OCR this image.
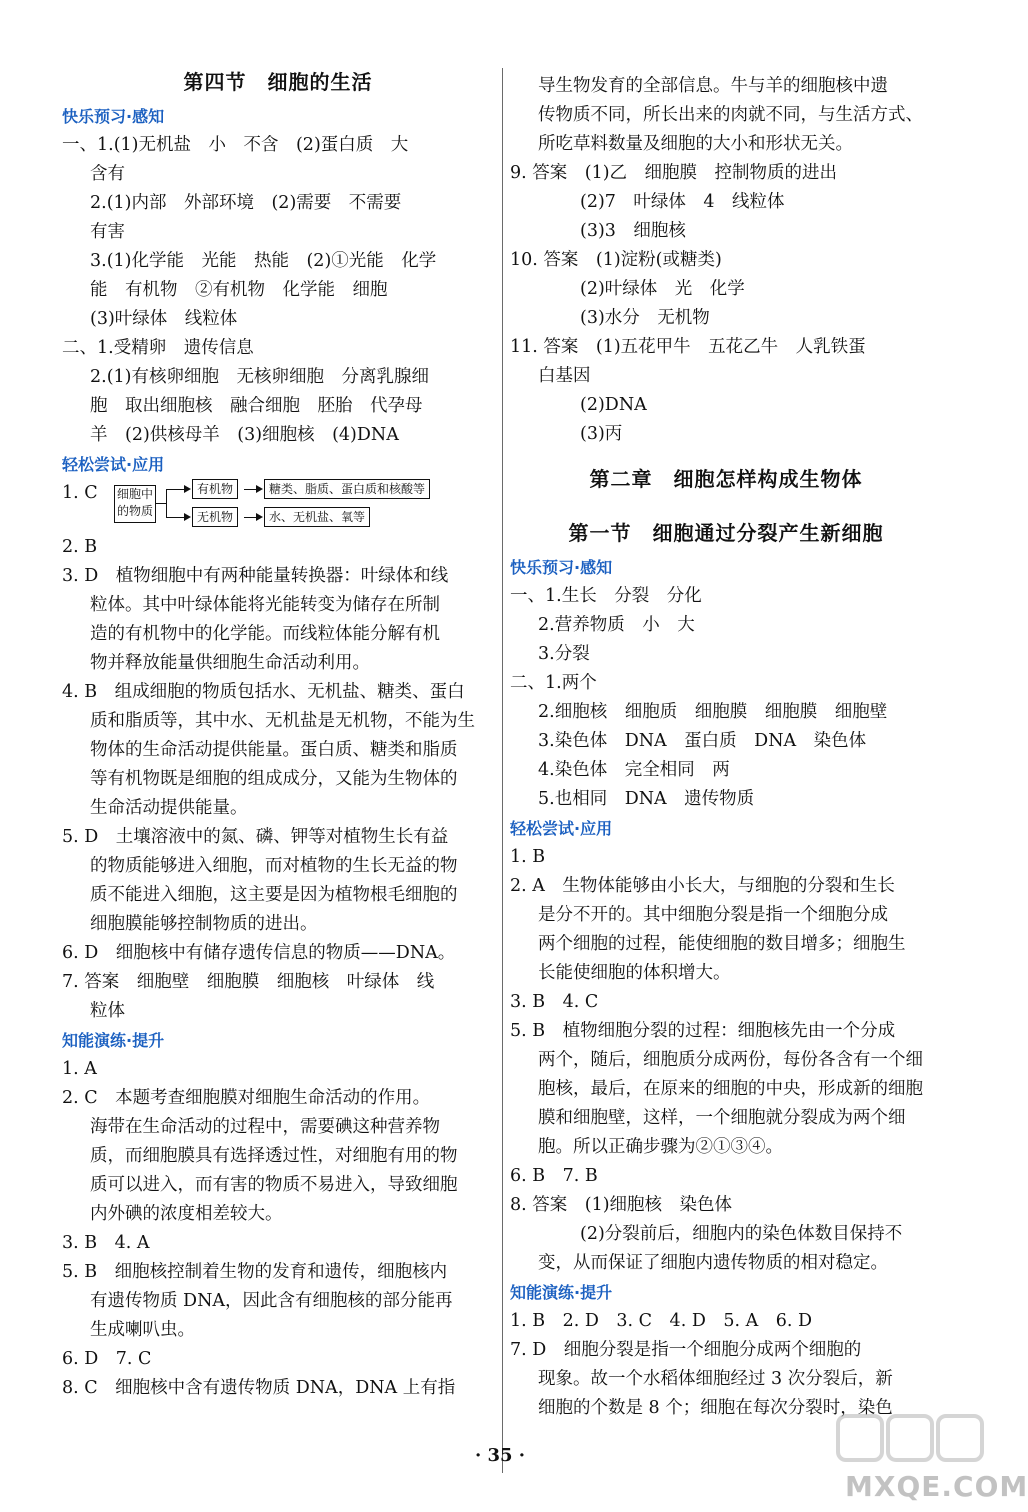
第四节　细胞的生活
快乐预习·感知
一、1.(1)无机盐　小　不含　(2)蛋白质　大
含有
2.(1)内部　外部环境　(2)需要　不需要
有害
3.(1)化学能　光能　热能　(2)①光能　化学
能　有机物　②有机物　化学能　细胞
(3)叶绿体　线粒体
二、1.受精卵　遗传信息
2.(1)有核卵细胞　无核卵细胞　分离乳腺细
胞　取出细胞核　融合细胞　胚胎　代孕母
羊　(2)供核母羊　(3)细胞核　(4)DNA
轻松尝试·应用
1. C 细胞中的物质
有机物
无机物
糖类、脂质、蛋白质和核酸等
水、无机盐、氧等
2. B
3. D　植物细胞中有两种能量转换器：叶绿体和线
粒体。其中叶绿体能将光能转变为储存在所制
造的有机物中的化学能。而线粒体能分解有机
物并释放能量供细胞生命活动利用。
4. B　组成细胞的物质包括水、无机盐、糖类、蛋白
质和脂质等，其中水、无机盐是无机物，不能为生
物体的生命活动提供能量。蛋白质、糖类和脂质
等有机物既是细胞的组成成分，又能为生物体的
生命活动提供能量。
5. D　土壤溶液中的氮、磷、钾等对植物生长有益
的物质能够进入细胞，而对植物的生长无益的物
质不能进入细胞，这主要是因为植物根毛细胞的
细胞膜能够控制物质的进出。
6. D　细胞核中有储存遗传信息的物质——DNA。
7. 答案　细胞壁　细胞膜　细胞核　叶绿体　线
粒体
知能演练·提升
1. A
2. C　本题考查细胞膜对细胞生命活动的作用。
海带在生命活动的过程中，需要碘这种营养物
质，而细胞膜具有选择透过性，对细胞有用的物
质可以进入，而有害的物质不易进入，导致细胞
内外碘的浓度相差较大。
3. B　4. A
5. B　细胞核控制着生物的发育和遗传，细胞核内
有遗传物质 DNA，因此含有细胞核的部分能再
生成喇叭虫。
6. D　7. C
8. C　细胞核中含有遗传物质 DNA，DNA 上有指
导生物发育的全部信息。牛与羊的细胞核中遗
传物质不同，所长出来的肉就不同，与生活方式、
所吃草料数量及细胞的大小和形状无关。
9. 答案　(1)乙　细胞膜　控制物质的进出
(2)7　叶绿体　4　线粒体
(3)3　细胞核
10. 答案　(1)淀粉(或糖类)
(2)叶绿体　光　化学
(3)水分　无机物
11. 答案　(1)五花甲牛　五花乙牛　人乳铁蛋
白基因
(2)DNA
(3)丙
第二章　细胞怎样构成生物体
第一节　细胞通过分裂产生新细胞
快乐预习·感知
一、1.生长　分裂　分化
2.营养物质　小　大
3.分裂
二、1.两个
2.细胞核　细胞质　细胞膜　细胞膜　细胞壁
3.染色体　DNA　蛋白质　DNA　染色体
4.染色体　完全相同　两
5.也相同　DNA　遗传物质
轻松尝试·应用
1. B
2. A　生物体能够由小长大，与细胞的分裂和生长
是分不开的。其中细胞分裂是指一个细胞分成
两个细胞的过程，能使细胞的数目增多；细胞生
长能使细胞的体积增大。
3. B　4. C
5. B　植物细胞分裂的过程：细胞核先由一个分成
两个，随后，细胞质分成两份，每份各含有一个细
胞核，最后，在原来的细胞的中央，形成新的细胞
膜和细胞壁，这样，一个细胞就分裂成为两个细
胞。所以正确步骤为②①③④。
6. B　7. B
8. 答案　(1)细胞核　染色体
(2)分裂前后，细胞内的染色体数目保持不
变，从而保证了细胞内遗传物质的相对稳定。
知能演练·提升
1. B　2. D　3. C　4. D　5. A　6. D
7. D　细胞分裂是指一个细胞分成两个细胞的
现象。故一个水稻体细胞经过 3 次分裂后，新
细胞的个数是 8 个；细胞在每次分裂时，染色
· 35 ·
MXQE.COM
